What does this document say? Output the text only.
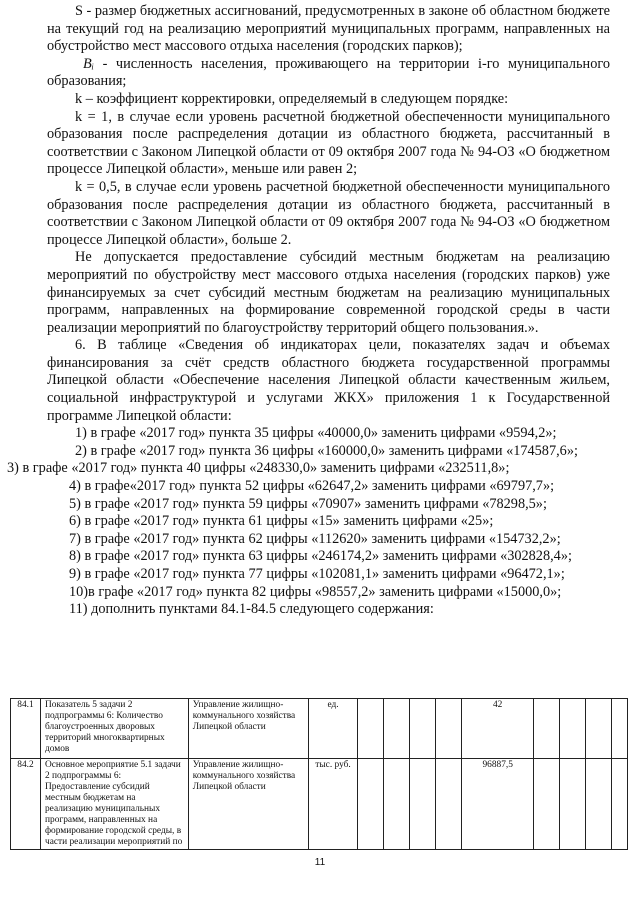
S - размер бюджетных ассигнований, предусмотренных в законе об областном бюджете на текущий год на реализацию мероприятий муниципальных программ, направленных на обустройство мест массового отдыха населения (городских парков);

Bᵢ - численность населения, проживающего на территории i-го муниципального образования;

k – коэффициент корректировки, определяемый в следующем порядке:

k = 1, в случае если уровень расчетной бюджетной обеспеченности муниципального образования после распределения дотации из областного бюджета, рассчитанный в соответствии с Законом Липецкой области от 09 октября 2007 года № 94-ОЗ «О бюджетном процессе Липецкой области», меньше или равен 2;

k = 0,5, в случае если уровень расчетной бюджетной обеспеченности муниципального образования после распределения дотации из областного бюджета, рассчитанный в соответствии с Законом Липецкой области от 09 октября 2007 года № 94-ОЗ «О бюджетном процессе Липецкой области», больше 2.

Не допускается предоставление субсидий местным бюджетам на реализацию мероприятий по обустройству мест массового отдыха населения (городских парков) уже финансируемых за счет субсидий местным бюджетам на реализацию муниципальных программ, направленных на формирование современной городской среды в части реализации мероприятий по благоустройству территорий общего пользования.».

6. В таблице «Сведения об индикаторах цели, показателях задач и объемах финансирования за счёт средств областного бюджета государственной программы Липецкой области «Обеспечение населения Липецкой области качественным жильем, социальной инфраструктурой и услугами ЖКХ» приложения 1 к Государственной программе Липецкой области:

1) в графе «2017 год» пункта 35 цифры «40000,0» заменить цифрами «9594,2»;

2) в графе «2017 год» пункта 36 цифры «160000,0» заменить цифрами «174587,6»;

3) в графе «2017 год» пункта 40 цифры «248330,0» заменить цифрами «232511,8»;

4) в графе«2017 год» пункта 52 цифры «62647,2» заменить цифрами «69797,7»;

5) в графе «2017 год» пункта 59 цифры «70907» заменить цифрами «78298,5»;

6) в графе «2017 год» пункта 61 цифры «15» заменить цифрами «25»;

7) в графе «2017 год» пункта 62 цифры «112620» заменить цифрами «154732,2»;

8) в графе «2017 год» пункта 63 цифры «246174,2» заменить цифрами «302828,4»;

9) в графе «2017 год» пункта 77 цифры «102081,1» заменить цифрами «96472,1»;

10)в графе «2017 год» пункта 82 цифры «98557,2» заменить цифрами «15000,0»;

11) дополнить пунктами 84.1-84.5 следующего содержания:

84.1	Показатель 5 задачи 2 подпрограммы 6: Количество благоустроенных дворовых территорий многоквартирных домов	Управление жилищно-коммунального хозяйства Липецкой области	ед.					42				
84.2	Основное мероприятие 5.1 задачи 2 подпрограммы 6: Предоставление субсидий местным бюджетам на реализацию муниципальных программ, направленных на формирование городской среды, в части реализации мероприятий по	Управление жилищно-коммунального хозяйства Липецкой области	тыс. руб.					96887,5				
11
